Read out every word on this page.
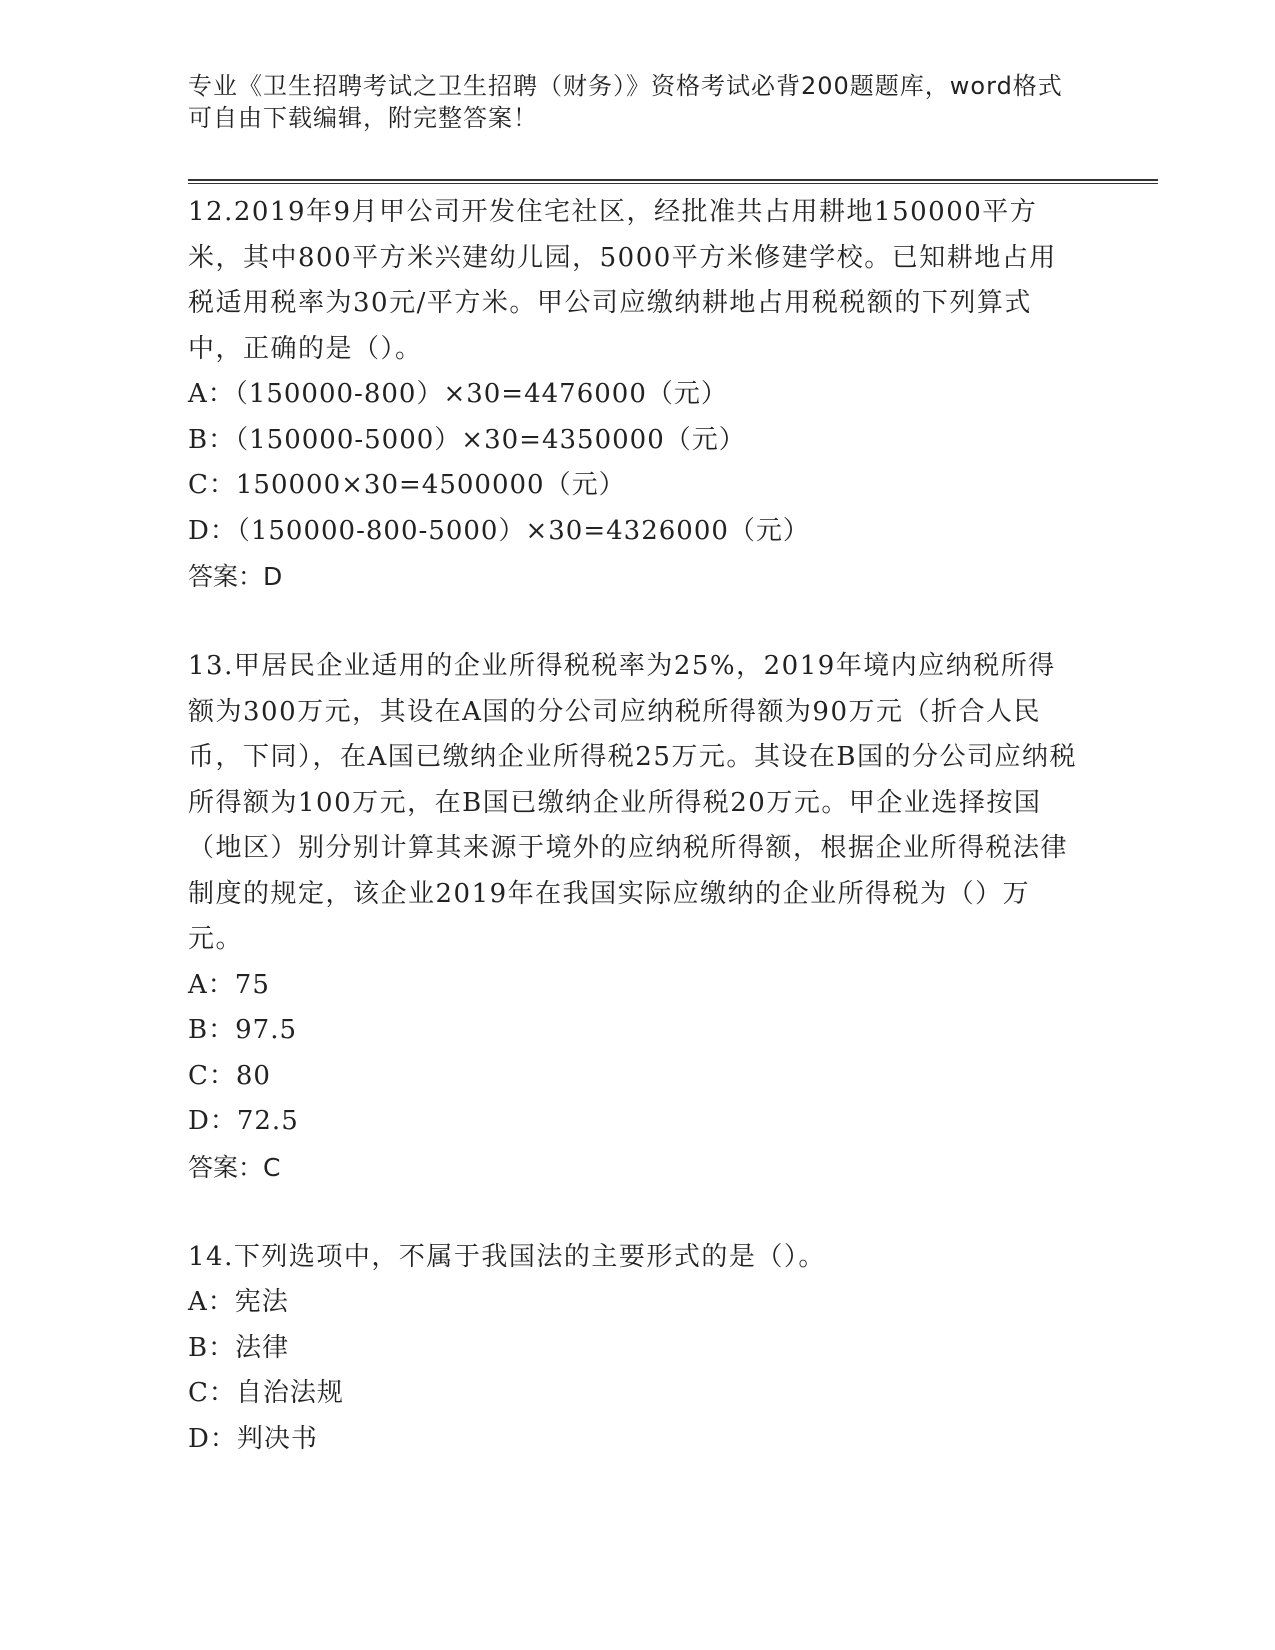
专业《卫生招聘考试之卫生招聘（财务）》资格考试必背200题题库，word格式
可自由下载编辑，附完整答案！

12.2019年9月甲公司开发住宅社区，经批准共占用耕地150000平方米，其中800平方米兴建幼儿园，5000平方米修建学校。已知耕地占用税适用税率为30元/平方米。甲公司应缴纳耕地占用税税额的下列算式中，正确的是（）。

A：（150000-800）×30=4476000（元）

B：（150000-5000）×30=4350000（元）

C：150000×30=4500000（元）

D：（150000-800-5000）×30=4326000（元）

答案：D

13.甲居民企业适用的企业所得税税率为25%，2019年境内应纳税所得额为300万元，其设在A国的分公司应纳税所得额为90万元（折合人民币，下同），在A国已缴纳企业所得税25万元。其设在B国的分公司应纳税所得额为100万元，在B国已缴纳企业所得税20万元。甲企业选择按国（地区）别分别计算其来源于境外的应纳税所得额，根据企业所得税法律制度的规定，该企业2019年在我国实际应缴纳的企业所得税为（）万元。

A：75

B：97.5

C：80

D：72.5

答案：C

14.下列选项中，不属于我国法的主要形式的是（）。

A：宪法

B：法律

C：自治法规

D：判决书
